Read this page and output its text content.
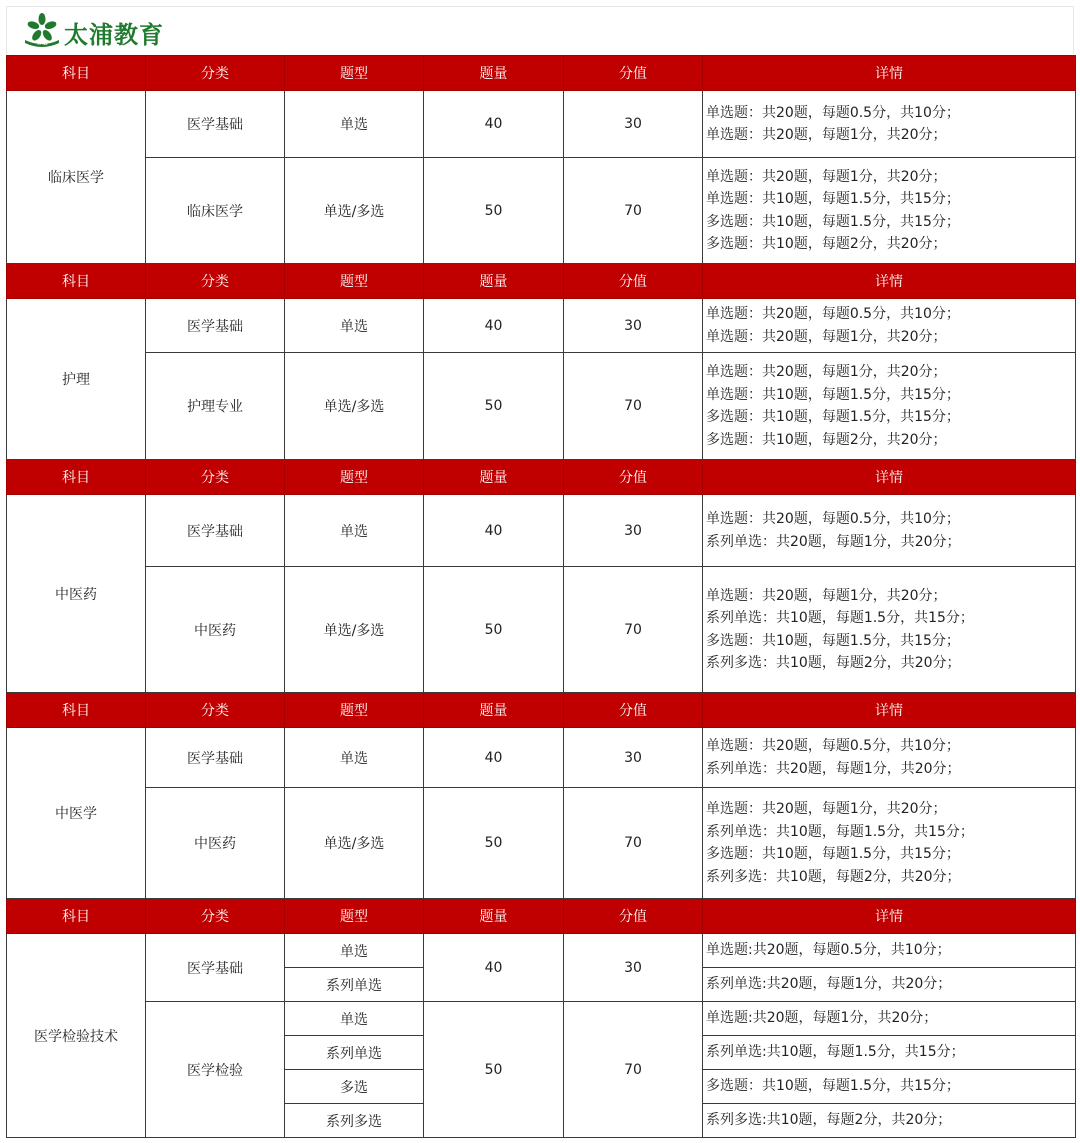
TAB 太浦教育
科目	分类	题型	题量	分值	详情
临床医学	医学基础	单选	40	30	单选题：共20题，每题0.5分，共10分；
单选题：共20题，每题1分，共20分；

	临床医学	单选/多选	50	70	单选题：共20题，每题1分，共20分；
单选题：共10题，每题1.5分，共15分；
多选题：共10题，每题1.5分，共15分；
多选题：共10题，每题2分，共20分；

科目	分类	题型	题量	分值	详情
护理	医学基础	单选	40	30	单选题：共20题，每题0.5分，共10分；
单选题：共20题，每题1分，共20分；

	护理专业	单选/多选	50	70	单选题：共20题，每题1分，共20分；
单选题：共10题，每题1.5分，共15分；
多选题：共10题，每题1.5分，共15分；
多选题：共10题，每题2分，共20分；

科目	分类	题型	题量	分值	详情
中医药	医学基础	单选	40	30	单选题：共20题，每题0.5分，共10分；
系列单选：共20题，每题1分，共20分；

	中医药	单选/多选	50	70	单选题：共20题，每题1分，共20分；
系列单选：共10题，每题1.5分，共15分；
多选题：共10题，每题1.5分，共15分；
系列多选：共10题，每题2分，共20分；

科目	分类	题型	题量	分值	详情
中医学	医学基础	单选	40	30	单选题：共20题，每题0.5分，共10分；
系列单选：共20题，每题1分，共20分；

	中医药	单选/多选	50	70	单选题：共20题，每题1分，共20分；
系列单选：共10题，每题1.5分，共15分；
多选题：共10题，每题1.5分，共15分；
系列多选：共10题，每题2分，共20分；

科目	分类	题型	题量	分值	详情
医学检验技术	医学基础	单选	40	30	单选题:共20题，每题0.5分，共10分；
		系列单选			系列单选:共20题，每题1分，共20分；
	医学检验	单选	50	70	单选题:共20题，每题1分，共20分；
		系列单选			系列单选:共10题，每题1.5分，共15分；
		多选			多选题：共10题，每题1.5分，共15分；
		系列多选			系列多选:共10题，每题2分，共20分；
